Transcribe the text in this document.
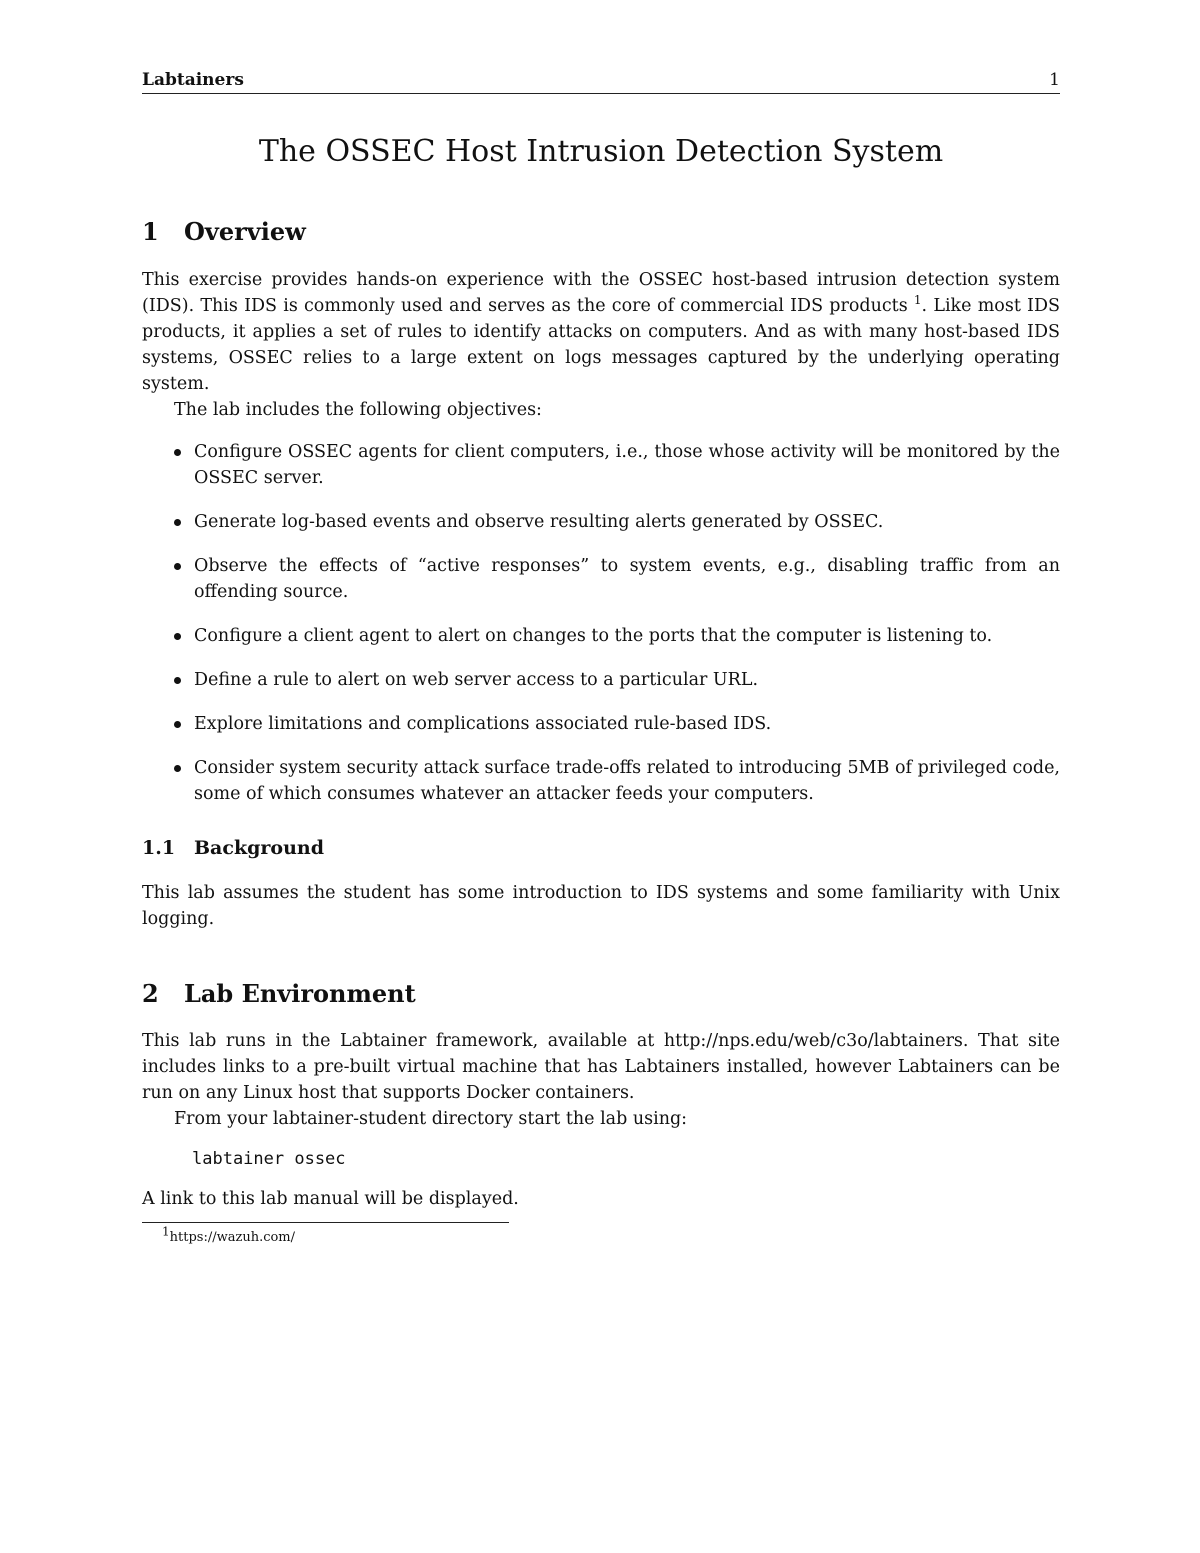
Labtainers	1
The OSSEC Host Intrusion Detection System
1 Overview

This exercise provides hands-on experience with the OSSEC host-based intrusion detection system (IDS). This IDS is commonly used and serves as the core of commercial IDS products $^1$. Like most IDS products, it applies a set of rules to identify attacks on computers. And as with many host-based IDS systems, OSSEC relies to a large extent on logs messages captured by the underlying operating system.

The lab includes the following objectives:

Configure OSSEC agents for client computers, i.e., those whose activity will be monitored by the OSSEC server.
Generate log-based events and observe resulting alerts generated by OSSEC.
Observe the effects of “active responses” to system events, e.g., disabling traffic from an offending source.
Configure a client agent to alert on changes to the ports that the computer is listening to.
Define a rule to alert on web server access to a particular URL.
Explore limitations and complications associated rule-based IDS.
Consider system security attack surface trade-offs related to introducing 5MB of privileged code, some of which consumes whatever an attacker feeds your computers.
1.1 Background

This lab assumes the student has some introduction to IDS systems and some familiarity with Unix logging.

2 Lab Environment

This lab runs in the Labtainer framework, available at http://nps.edu/web/c3o/labtainers. That site includes links to a pre-built virtual machine that has Labtainers installed, however Labtainers can be run on any Linux host that supports Docker containers.

From your labtainer-student directory start the lab using:

labtainer ossec

A link to this lab manual will be displayed.

$^1$https://wazuh.com/
